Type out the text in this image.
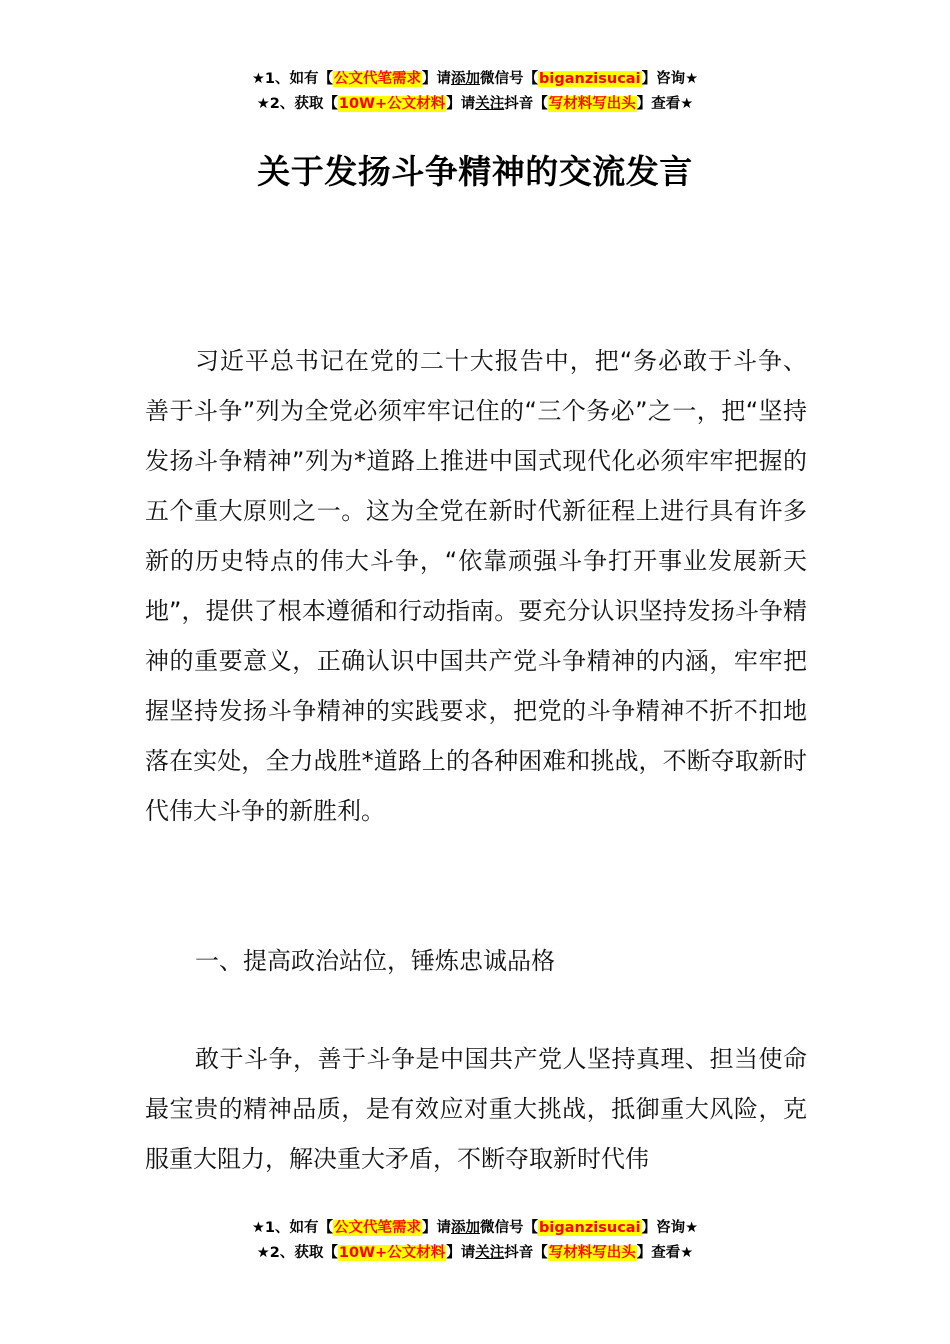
★1、如有【公文代笔需求】请添加微信号【biganzisucai】咨询★
★2、获取【10W+公文材料】请关注抖音【写材料写出头】查看★
关于发扬斗争精神的交流发言

习近平总书记在党的二十大报告中，把“务必敢于斗争、善于斗争”列为全党必须牢牢记住的“三个务必”之一，把“坚持发扬斗争精神”列为*道路上推进中国式现代化必须牢牢把握的五个重大原则之一。这为全党在新时代新征程上进行具有许多新的历史特点的伟大斗争，“依靠顽强斗争打开事业发展新天地”，提供了根本遵循和行动指南。要充分认识坚持发扬斗争精神的重要意义，正确认识中国共产党斗争精神的内涵，牢牢把握坚持发扬斗争精神的实践要求，把党的斗争精神不折不扣地落在实处，全力战胜*道路上的各种困难和挑战，不断夺取新时代伟大斗争的新胜利。

一、提高政治站位，锤炼忠诚品格

敢于斗争，善于斗争是中国共产党人坚持真理、担当使命最宝贵的精神品质，是有效应对重大挑战，抵御重大风险，克服重大阻力，解决重大矛盾，不断夺取新时代伟

★1、如有【公文代笔需求】请添加微信号【biganzisucai】咨询★
★2、获取【10W+公文材料】请关注抖音【写材料写出头】查看★
